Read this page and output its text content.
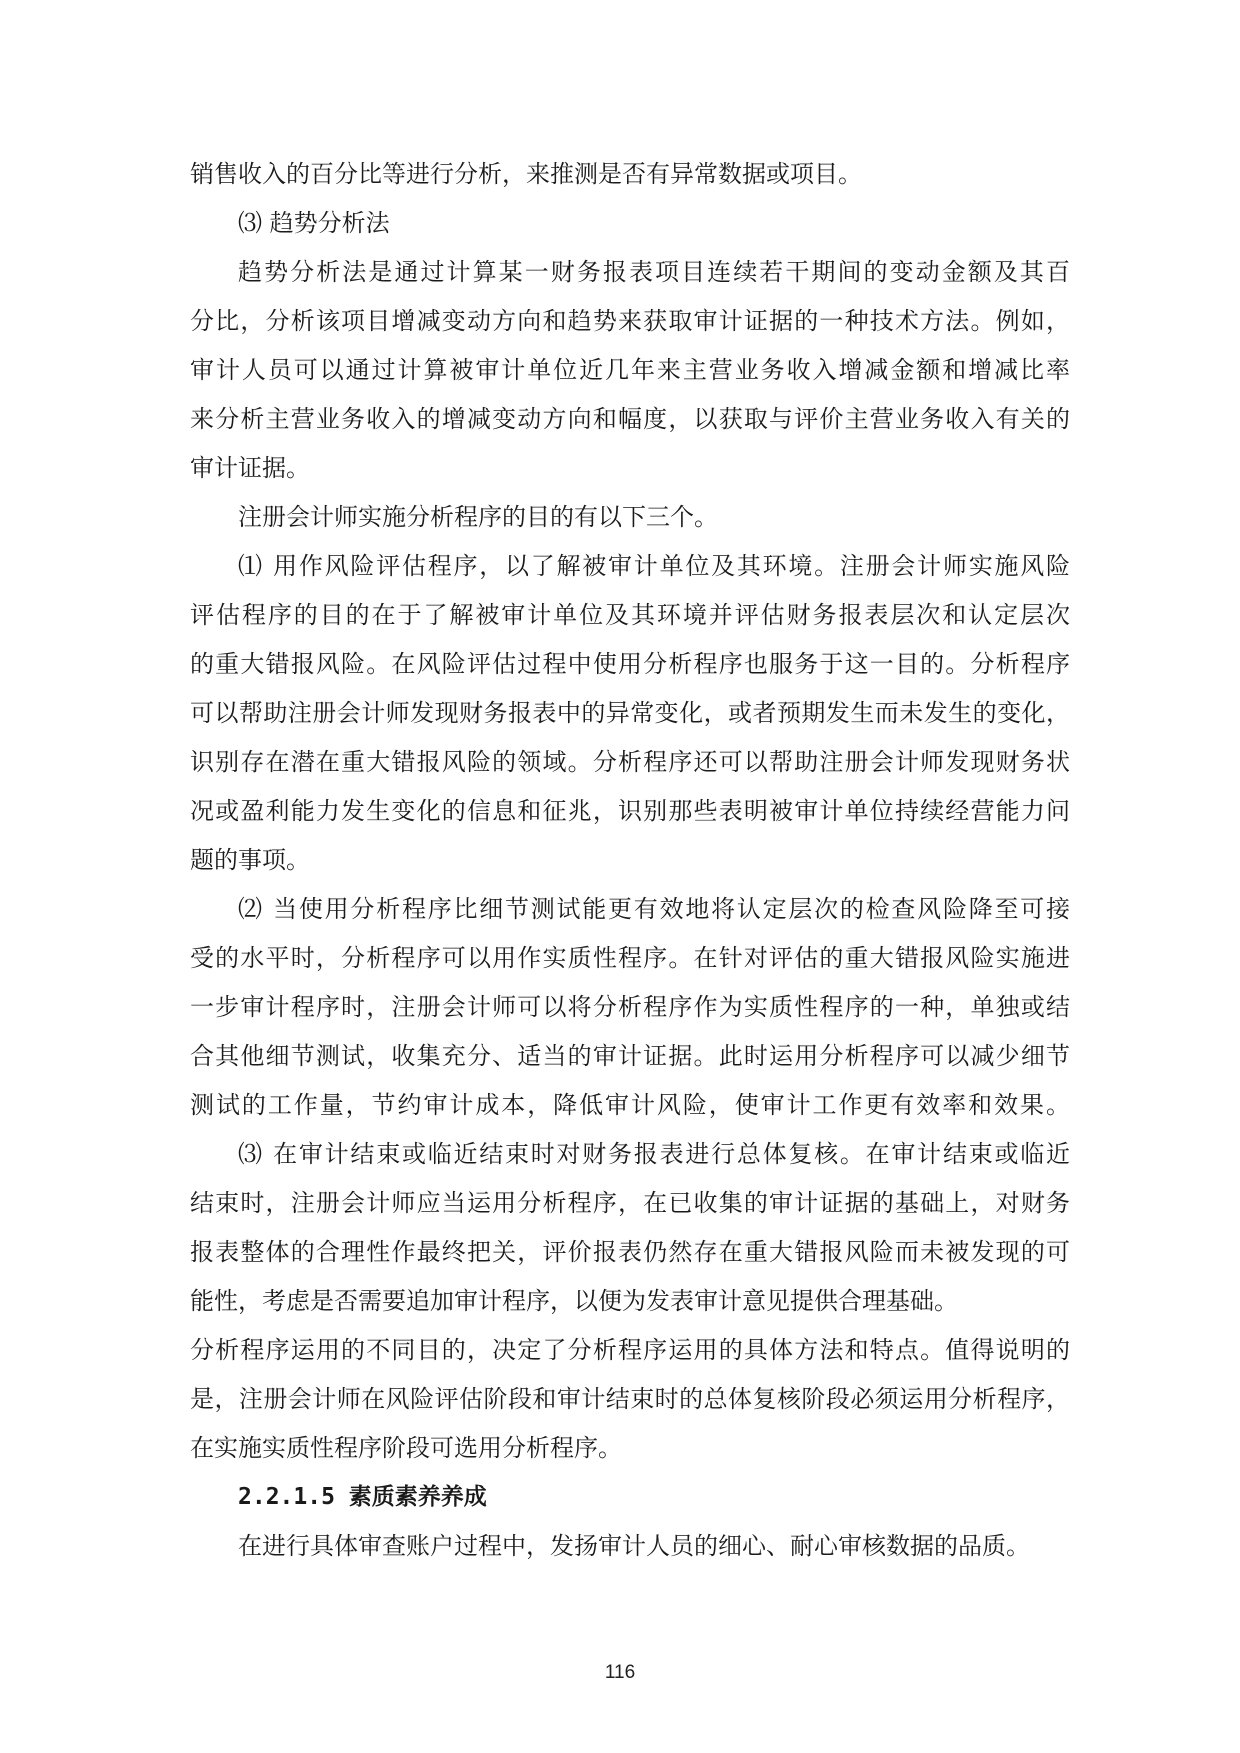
销售收入的百分比等进行分析，来推测是否有异常数据或项目。
⑶ 趋势分析法
趋势分析法是通过计算某一财务报表项目连续若干期间的变动金额及其百
分比，分析该项目增减变动方向和趋势来获取审计证据的一种技术方法。例如，
审计人员可以通过计算被审计单位近几年来主营业务收入增减金额和增减比率
来分析主营业务收入的增减变动方向和幅度，以获取与评价主营业务收入有关的
审计证据。
注册会计师实施分析程序的目的有以下三个。
⑴ 用作风险评估程序，以了解被审计单位及其环境。注册会计师实施风险
评估程序的目的在于了解被审计单位及其环境并评估财务报表层次和认定层次
的重大错报风险。在风险评估过程中使用分析程序也服务于这一目的。分析程序
可以帮助注册会计师发现财务报表中的异常变化，或者预期发生而未发生的变化，
识别存在潜在重大错报风险的领域。分析程序还可以帮助注册会计师发现财务状
况或盈利能力发生变化的信息和征兆，识别那些表明被审计单位持续经营能力问
题的事项。
⑵ 当使用分析程序比细节测试能更有效地将认定层次的检查风险降至可接
受的水平时，分析程序可以用作实质性程序。在针对评估的重大错报风险实施进
一步审计程序时，注册会计师可以将分析程序作为实质性程序的一种，单独或结
合其他细节测试，收集充分、适当的审计证据。此时运用分析程序可以减少细节
测试的工作量，节约审计成本，降低审计风险，使审计工作更有效率和效果。
⑶ 在审计结束或临近结束时对财务报表进行总体复核。在审计结束或临近
结束时，注册会计师应当运用分析程序，在已收集的审计证据的基础上，对财务
报表整体的合理性作最终把关，评价报表仍然存在重大错报风险而未被发现的可
能性，考虑是否需要追加审计程序，以便为发表审计意见提供合理基础。
分析程序运用的不同目的，决定了分析程序运用的具体方法和特点。值得说明的
是，注册会计师在风险评估阶段和审计结束时的总体复核阶段必须运用分析程序，
在实施实质性程序阶段可选用分析程序。
2.2.1.5 素质素养养成
在进行具体审查账户过程中，发扬审计人员的细心、耐心审核数据的品质。
116
